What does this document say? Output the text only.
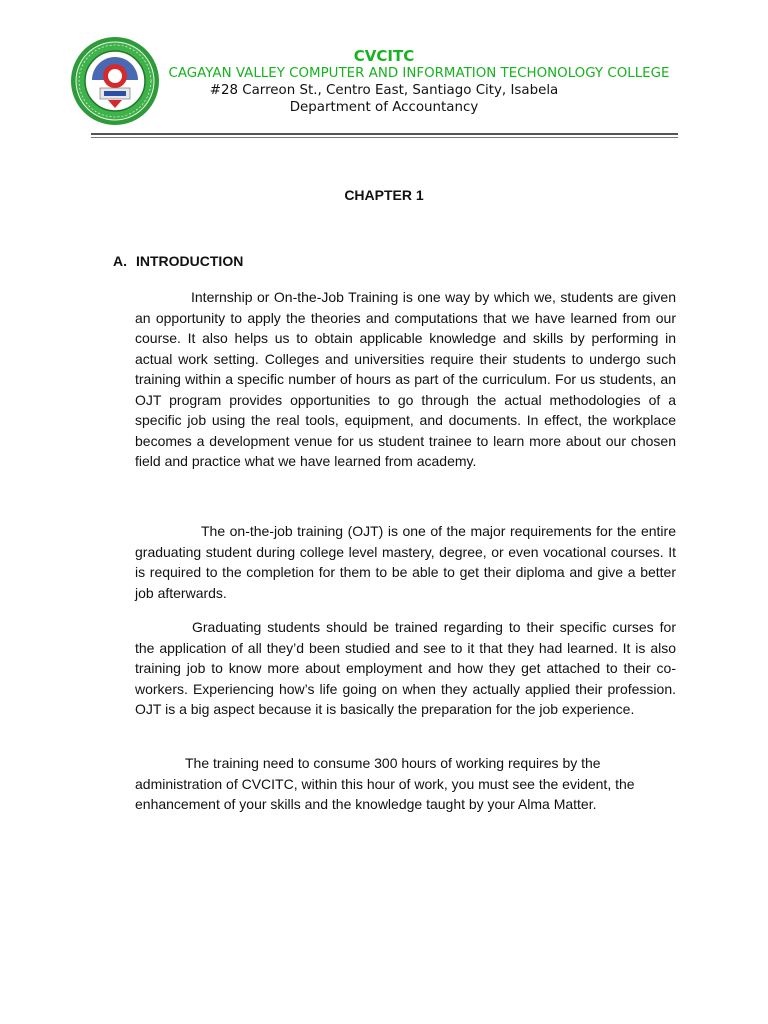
CVCITC
CAGAYAN VALLEY COMPUTER AND INFORMATION TECHONOLOGY COLLEGE
#28 Carreon St., Centro East, Santiago City, Isabela
Department of Accountancy
CHAPTER 1
A. INTRODUCTION

Internship or On-the-Job Training is one way by which we, students are given an opportunity to apply the theories and computations that we have learned from our course. It also helps us to obtain applicable knowledge and skills by performing in actual work setting. Colleges and universities require their students to undergo such training within a specific number of hours as part of the curriculum. For us students, an OJT program provides opportunities to go through the actual methodologies of a specific job using the real tools, equipment, and documents. In effect, the workplace becomes a development venue for us student trainee to learn more about our chosen field and practice what we have learned from academy.

The on-the-job training (OJT) is one of the major requirements for the entire graduating student during college level mastery, degree, or even vocational courses. It is required to the completion for them to be able to get their diploma and give a better job afterwards.

Graduating students should be trained regarding to their specific curses for the application of all they’d been studied and see to it that they had learned. It is also training job to know more about employment and how they get attached to their co-workers. Experiencing how’s life going on when they actually applied their profession. OJT is a big aspect because it is basically the preparation for the job experience.

The training need to consume 300 hours of working requires by the administration of CVCITC, within this hour of work, you must see the evident, the enhancement of your skills and the knowledge taught by your Alma Matter.
